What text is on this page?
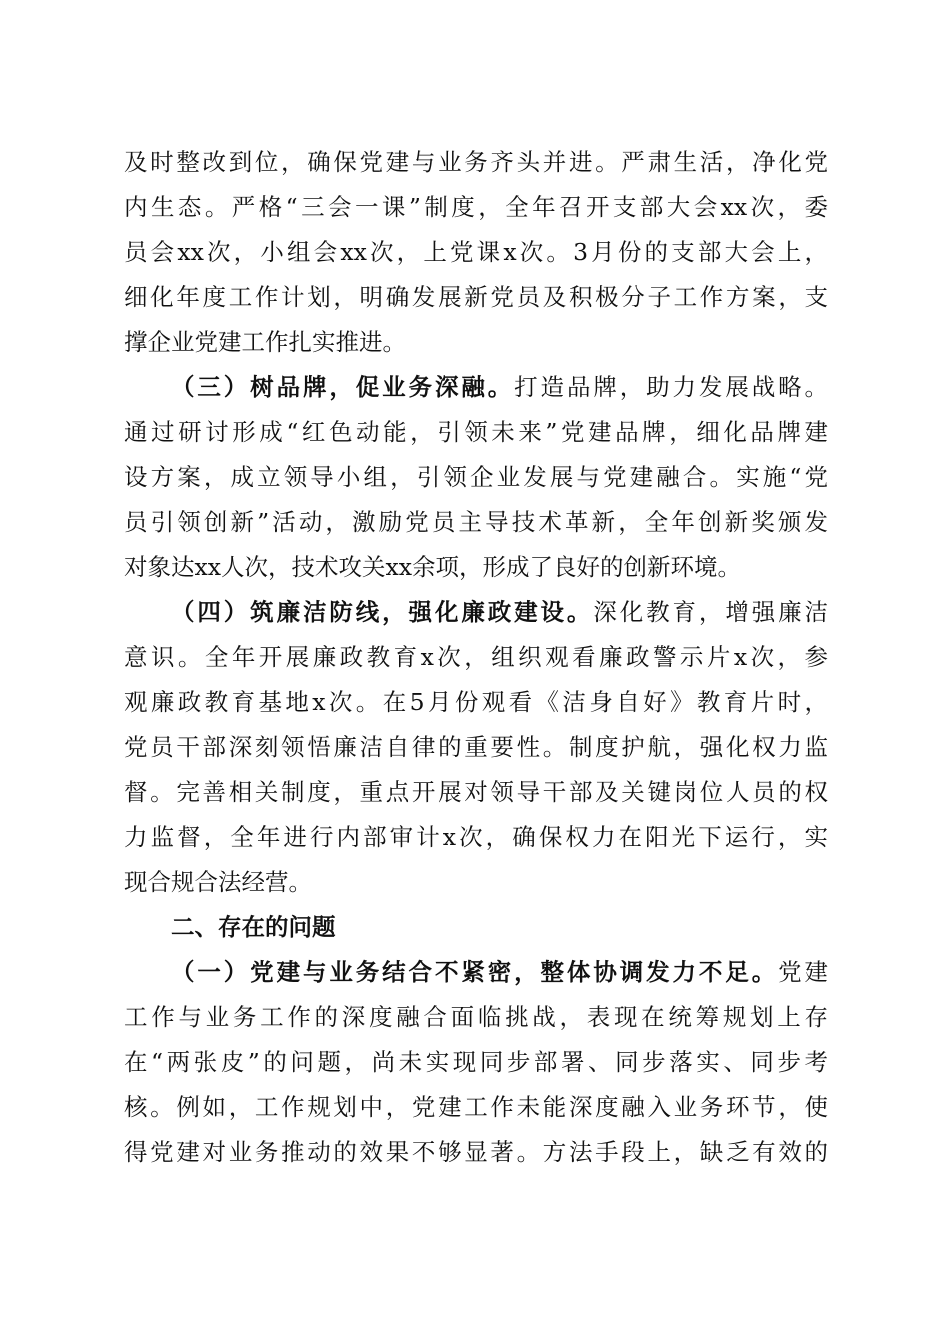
及时整改到位，确保党建与业务齐头并进。严肃生活，净化党
内生态。严格“三会一课”制度，全年召开支部大会xx次，委
员会xx次，小组会xx次，上党课x次。3月份的支部大会上，
细化年度工作计划，明确发展新党员及积极分子工作方案，支
撑企业党建工作扎实推进。
（三）树品牌，促业务深融。打造品牌，助力发展战略。
通过研讨形成“红色动能，引领未来”党建品牌，细化品牌建
设方案，成立领导小组，引领企业发展与党建融合。实施“党
员引领创新”活动，激励党员主导技术革新，全年创新奖颁发
对象达xx人次，技术攻关xx余项，形成了良好的创新环境。
（四）筑廉洁防线，强化廉政建设。深化教育，增强廉洁
意识。全年开展廉政教育x次，组织观看廉政警示片x次，参
观廉政教育基地x次。在5月份观看《洁身自好》教育片时，
党员干部深刻领悟廉洁自律的重要性。制度护航，强化权力监
督。完善相关制度，重点开展对领导干部及关键岗位人员的权
力监督，全年进行内部审计x次，确保权力在阳光下运行，实
现合规合法经营。
二、存在的问题
（一）党建与业务结合不紧密，整体协调发力不足。党建
工作与业务工作的深度融合面临挑战，表现在统筹规划上存
在“两张皮”的问题，尚未实现同步部署、同步落实、同步考
核。例如，工作规划中，党建工作未能深度融入业务环节，使
得党建对业务推动的效果不够显著。方法手段上，缺乏有效的
